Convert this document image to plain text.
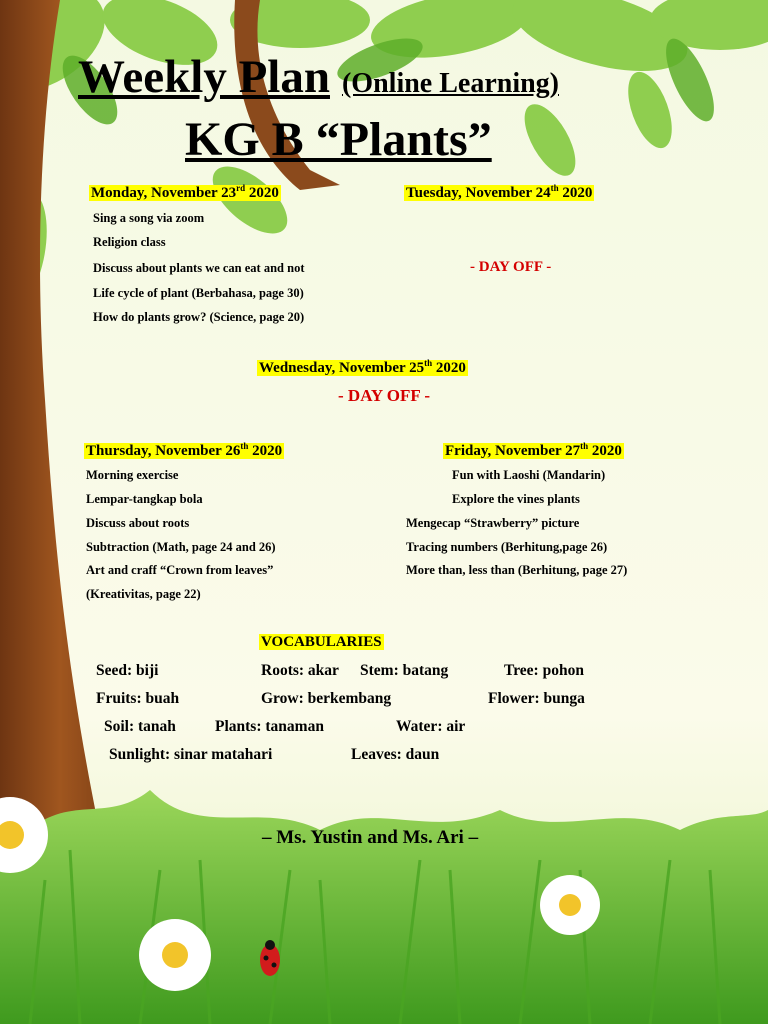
Weekly Plan (Online Learning)
KG B “Plants”
Monday, November 23rd 2020
Sing a song via zoom
Religion class
Discuss about plants we can eat and not
Life cycle of plant (Berbahasa, page 30)
How do plants grow? (Science, page 20)
Tuesday, November 24th 2020
- DAY OFF -
Wednesday, November 25th 2020
- DAY OFF -
Thursday, November 26th 2020
Morning exercise
Lempar-tangkap bola
Discuss about roots
Subtraction (Math, page 24 and 26)
Art and craff “Crown from leaves”
(Kreativitas, page 22)
Friday, November 27th 2020
Fun with Laoshi (Mandarin)
Explore the vines plants
Mengecap “Strawberry” picture
Tracing numbers (Berhitung,page 26)
More than, less than (Berhitung, page 27)
VOCABULARIES
Seed: biji	Roots: akar Stem: batang	Tree: pohon
Fruits: buah	Grow: berkembang	Flower: bunga
Soil: tanah	Plants: tanaman	Water: air
Sunlight: sinar matahari	Leaves: daun
– Ms. Yustin and Ms. Ari –
